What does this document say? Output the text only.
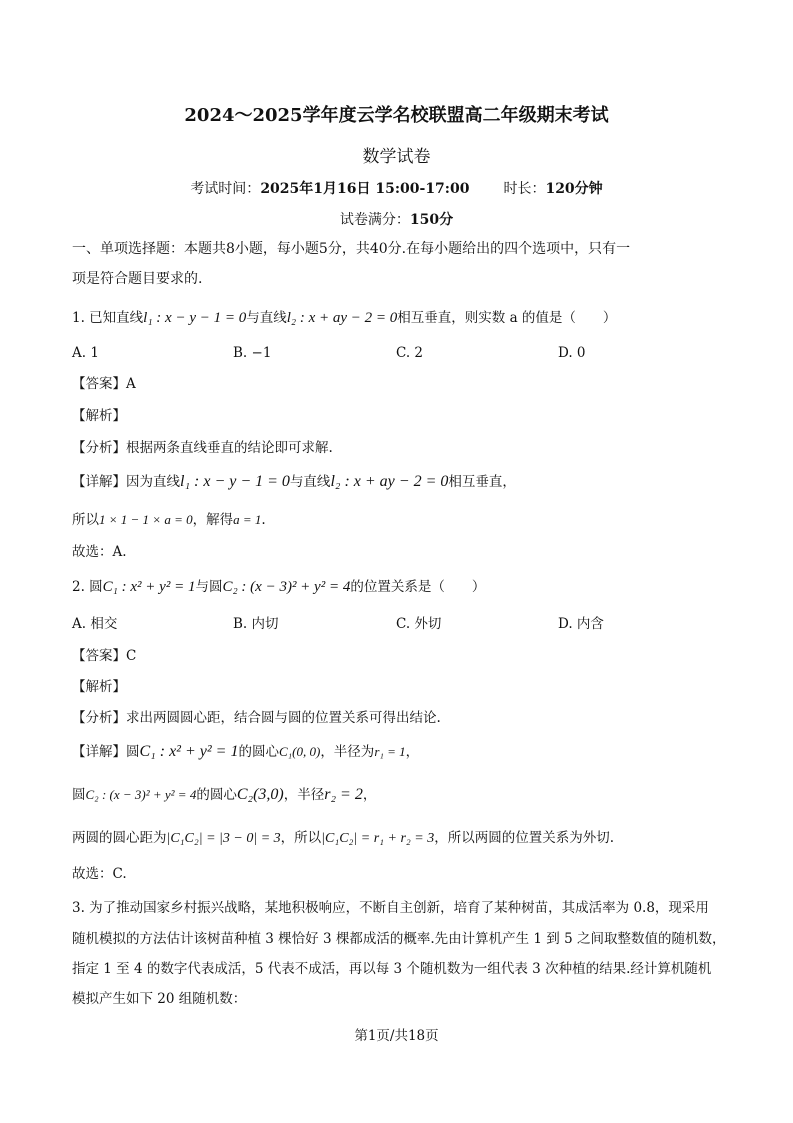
2024～2025学年度云学名校联盟高二年级期末考试
数学试卷
考试时间：2025年1月16日 15:00-17:00 时长：120分钟
试卷满分：150分
一、单项选择题：本题共8小题，每小题5分，共40分.在每小题给出的四个选项中，只有一
项是符合题目要求的.
1. 已知直线l₁ : x − y − 1 = 0与直线l₂ : x + ay − 2 = 0相互垂直，则实数 a 的值是（　　）
A. 1	B. −1	C. 2	D. 0
【答案】A
【解析】
【分析】根据两条直线垂直的结论即可求解.
【详解】因为直线l₁ : x − y − 1 = 0与直线l₂ : x + ay − 2 = 0相互垂直，
所以1 × 1 − 1 × a = 0，解得a = 1.
故选：A.
2. 圆C₁ : x² + y² = 1与圆C₂ : (x − 3)² + y² = 4的位置关系是（　　）
A. 相交	B. 内切	C. 外切	D. 内含
【答案】C
【解析】
【分析】求出两圆圆心距，结合圆与圆的位置关系可得出结论.
【详解】圆C₁ : x² + y² = 1的圆心C₁(0, 0)，半径为r₁ = 1，
圆C₂ : (x − 3)² + y² = 4的圆心C₂(3,0)，半径r₂ = 2，
两圆的圆心距为|C₁C₂| = |3 − 0| = 3，所以|C₁C₂| = r₁ + r₂ = 3，所以两圆的位置关系为外切.
故选：C.
3. 为了推动国家乡村振兴战略，某地积极响应，不断自主创新，培育了某种树苗，其成活率为 0.8，现采用
随机模拟的方法估计该树苗种植 3 棵恰好 3 棵都成活的概率.先由计算机产生 1 到 5 之间取整数值的随机数，
指定 1 至 4 的数字代表成活，5 代表不成活，再以每 3 个随机数为一组代表 3 次种植的结果.经计算机随机
模拟产生如下 20 组随机数：
第1页/共18页
